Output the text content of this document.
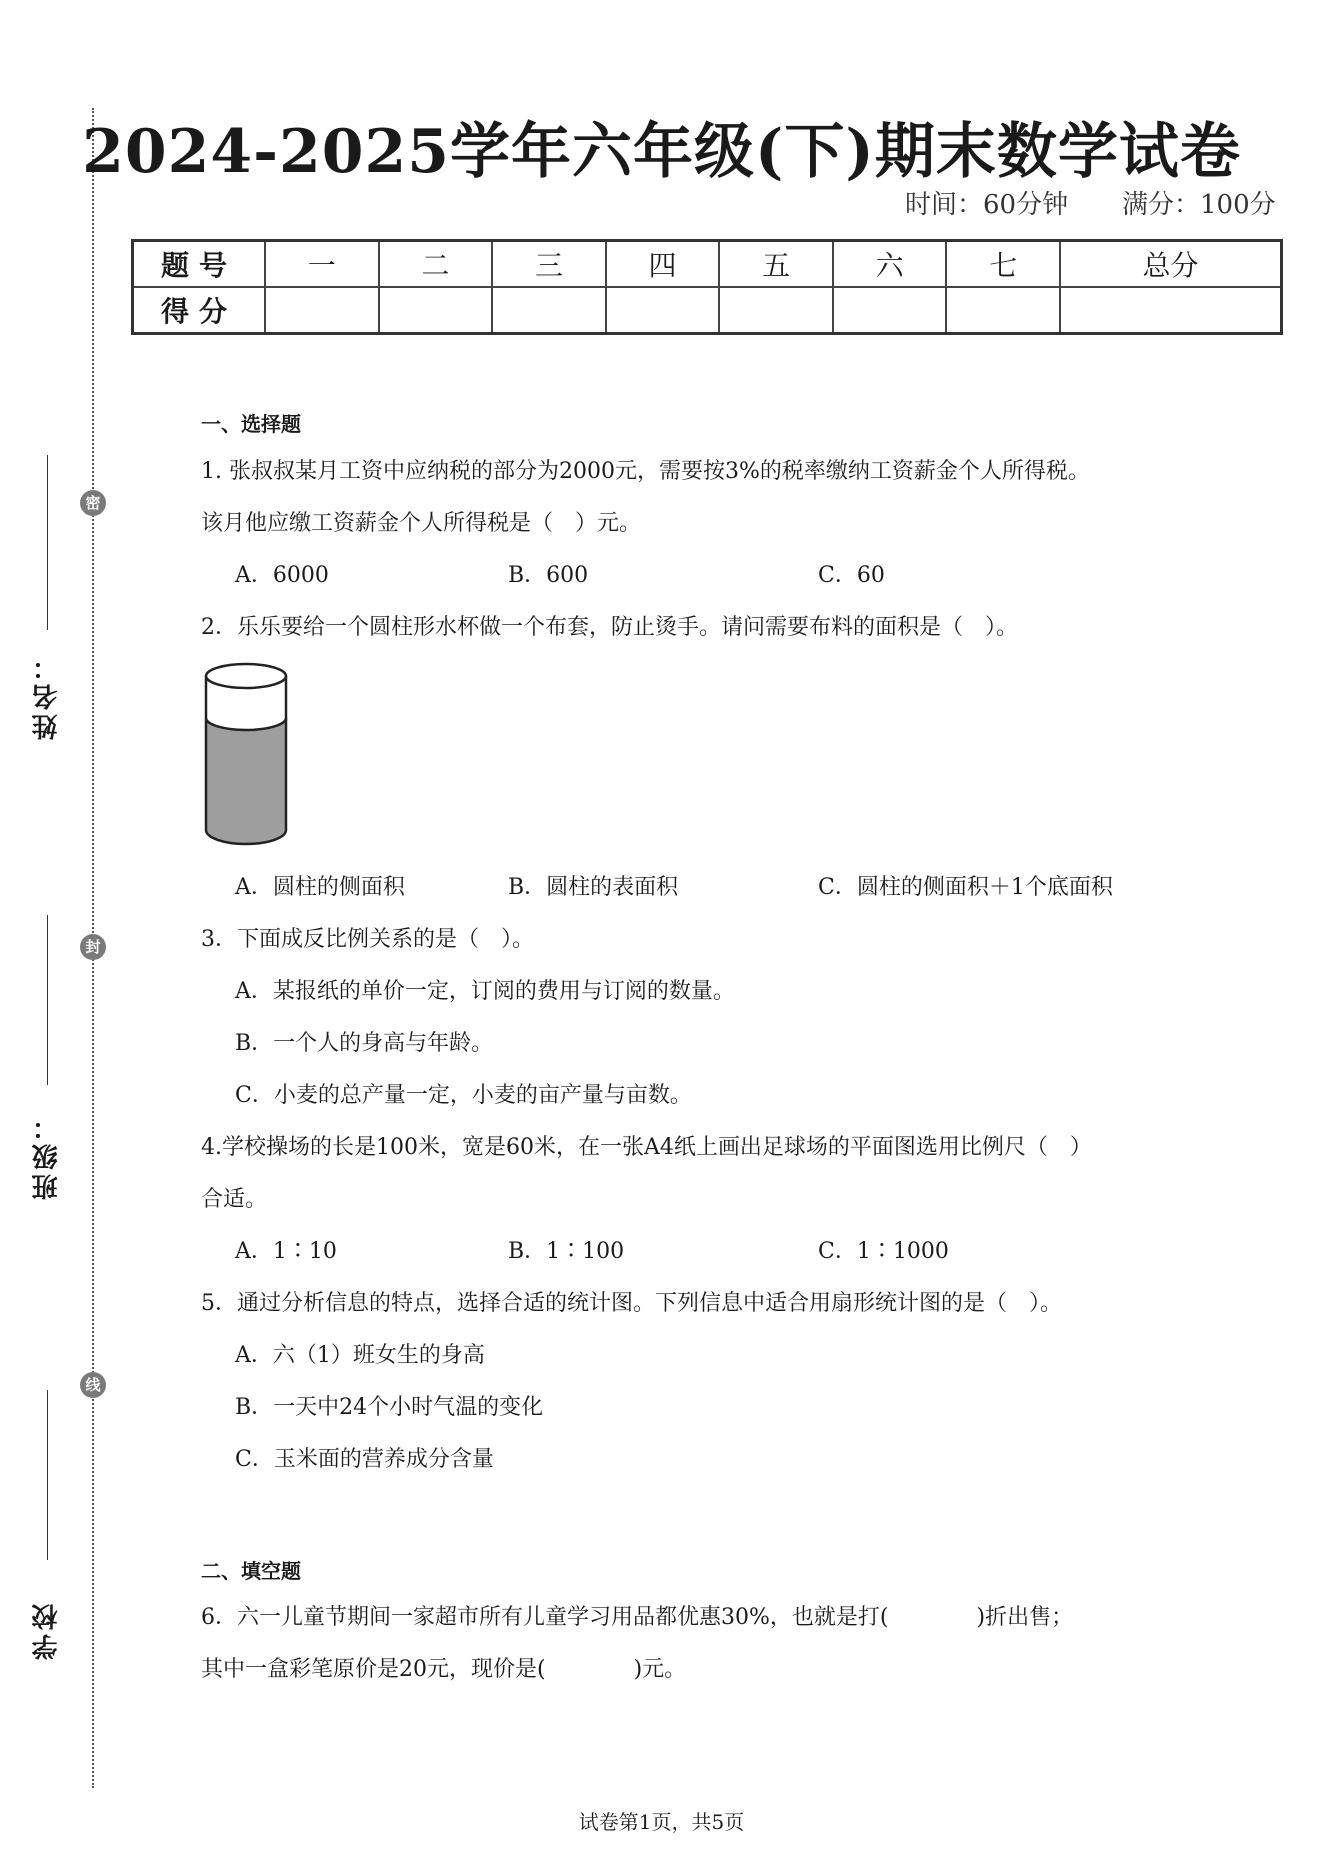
姓名：
密
班级：
封
学校
线
2024-2025学年六年级(下)期末数学试卷
时间：60分钟 满分：100分
题号	一	二	三	四	五	六	七	总分
得分								
一、选择题
1. 张叔叔某月工资中应纳税的部分为2000元，需要按3%的税率缴纳工资薪金个人所得税。
该月他应缴工资薪金个人所得税是（　）元。
A．6000	B．600	C．60
2．乐乐要给一个圆柱形水杯做一个布套，防止烫手。请问需要布料的面积是（　）。
A．圆柱的侧面积	B．圆柱的表面积	C．圆柱的侧面积＋1个底面积
3．下面成反比例关系的是（　）。
A．某报纸的单价一定，订阅的费用与订阅的数量。
B．一个人的身高与年龄。
C．小麦的总产量一定，小麦的亩产量与亩数。
4.学校操场的长是100米，宽是60米，在一张A4纸上画出足球场的平面图选用比例尺（　）
合适。
A．1∶10	B．1∶100	C．1∶1000
5．通过分析信息的特点，选择合适的统计图。下列信息中适合用扇形统计图的是（　）。
A．六（1）班女生的身高
B．一天中24个小时气温的变化
C．玉米面的营养成分含量
二、填空题
6．六一儿童节期间一家超市所有儿童学习用品都优惠30%，也就是打(　　　　)折出售；
其中一盒彩笔原价是20元，现价是(　　　　)元。
试卷第1页，共5页
